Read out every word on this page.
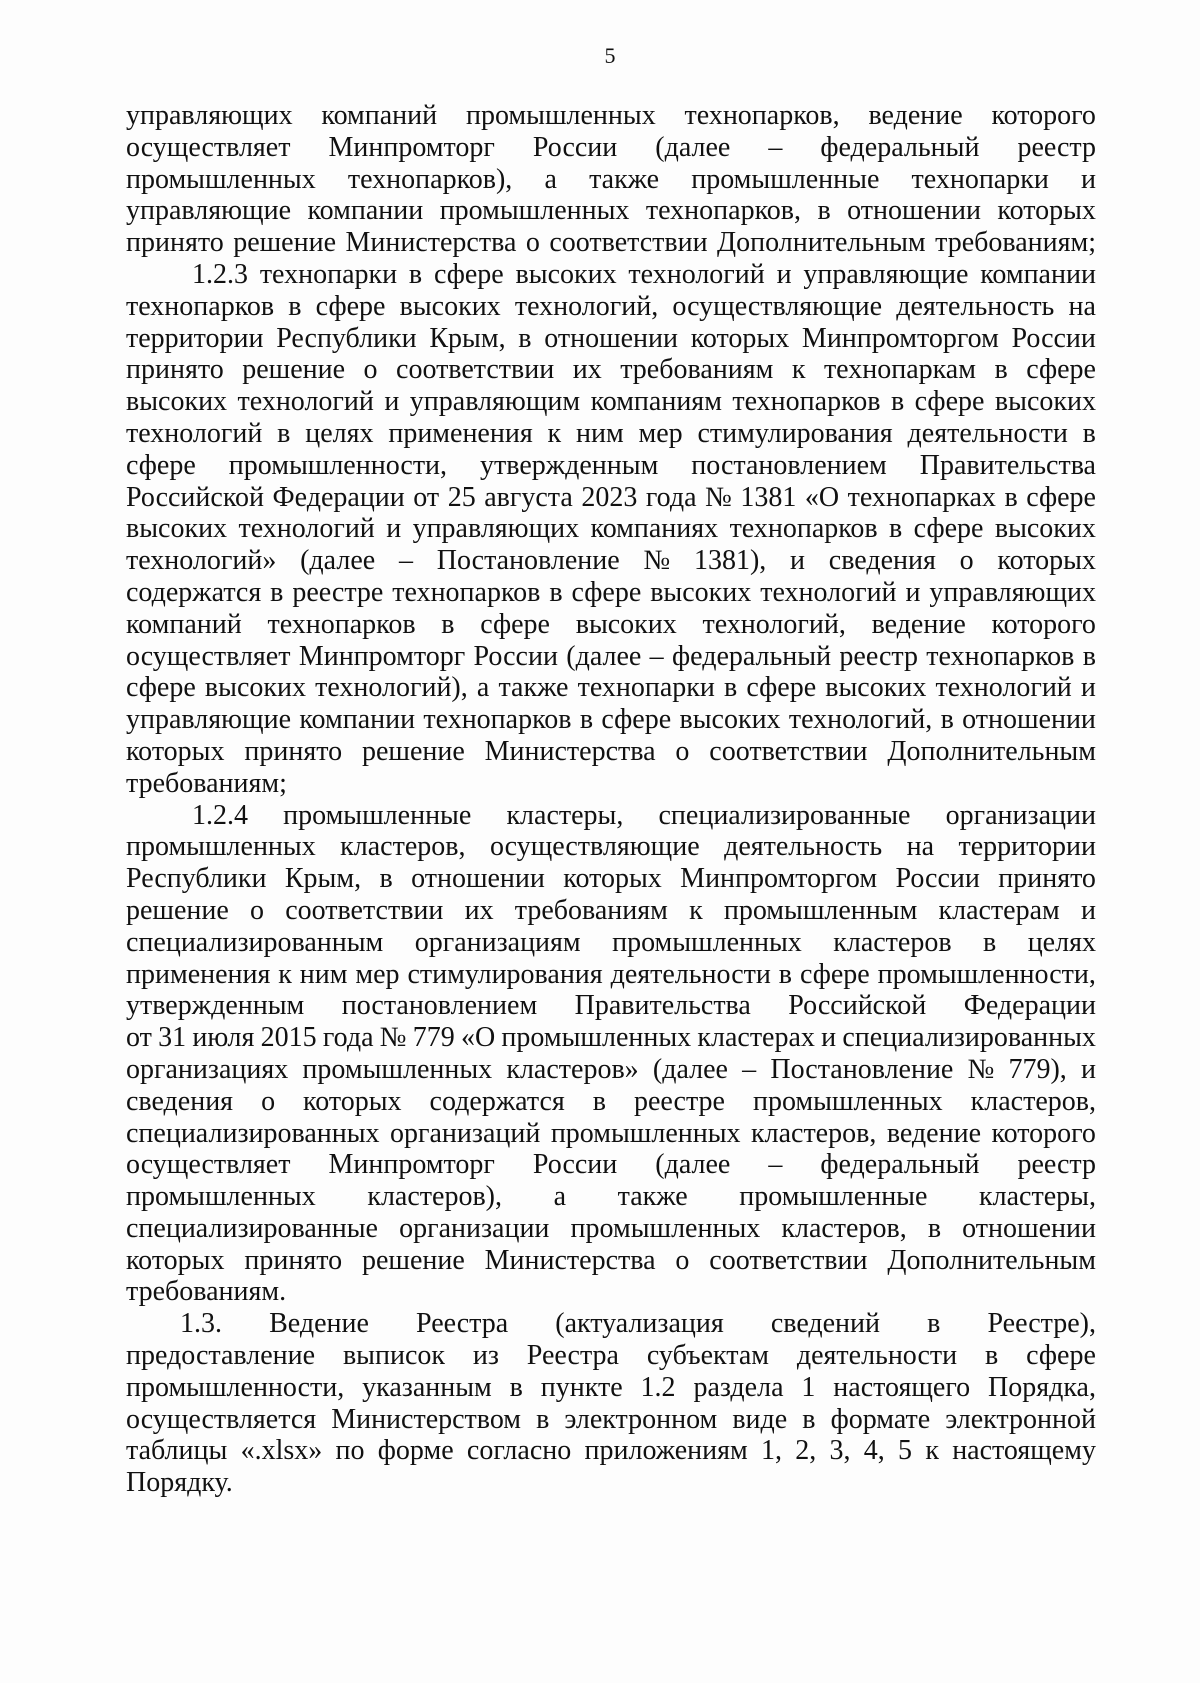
5
управляющих компаний промышленных технопарков, ведение которого
осуществляет Минпромторг России (далее – федеральный реестр
промышленных технопарков), а также промышленные технопарки и
управляющие компании промышленных технопарков, в отношении которых
принято решение Министерства о соответствии Дополнительным требованиям;
1.2.3 технопарки в сфере высоких технологий и управляющие компании
технопарков в сфере высоких технологий, осуществляющие деятельность на
территории Республики Крым, в отношении которых Минпромторгом России
принято решение о соответствии их требованиям к технопаркам в сфере
высоких технологий и управляющим компаниям технопарков в сфере высоких
технологий в целях применения к ним мер стимулирования деятельности в
сфере промышленности, утвержденным постановлением Правительства
Российской Федерации от 25 августа 2023 года № 1381 «О технопарках в сфере
высоких технологий и управляющих компаниях технопарков в сфере высоких
технологий» (далее – Постановление № 1381), и сведения о которых
содержатся в реестре технопарков в сфере высоких технологий и управляющих
компаний технопарков в сфере высоких технологий, ведение которого
осуществляет Минпромторг России (далее – федеральный реестр технопарков в
сфере высоких технологий), а также технопарки в сфере высоких технологий и
управляющие компании технопарков в сфере высоких технологий, в отношении
которых принято решение Министерства о соответствии Дополнительным
требованиям;
1.2.4 промышленные кластеры, специализированные организации
промышленных кластеров, осуществляющие деятельность на территории
Республики Крым, в отношении которых Минпромторгом России принято
решение о соответствии их требованиям к промышленным кластерам и
специализированным организациям промышленных кластеров в целях
применения к ним мер стимулирования деятельности в сфере промышленности,
утвержденным постановлением Правительства Российской Федерации
от 31 июля 2015 года № 779 «О промышленных кластерах и специализированных
организациях промышленных кластеров» (далее – Постановление № 779), и
сведения о которых содержатся в реестре промышленных кластеров,
специализированных организаций промышленных кластеров, ведение которого
осуществляет Минпромторг России (далее – федеральный реестр
промышленных кластеров), а также промышленные кластеры,
специализированные организации промышленных кластеров, в отношении
которых принято решение Министерства о соответствии Дополнительным
требованиям.
1.3. Ведение Реестра (актуализация сведений в Реестре),
предоставление выписок из Реестра субъектам деятельности в сфере
промышленности, указанным в пункте 1.2 раздела 1 настоящего Порядка,
осуществляется Министерством в электронном виде в формате электронной
таблицы «.xlsx» по форме согласно приложениям 1, 2, 3, 4, 5 к настоящему
Порядку.
